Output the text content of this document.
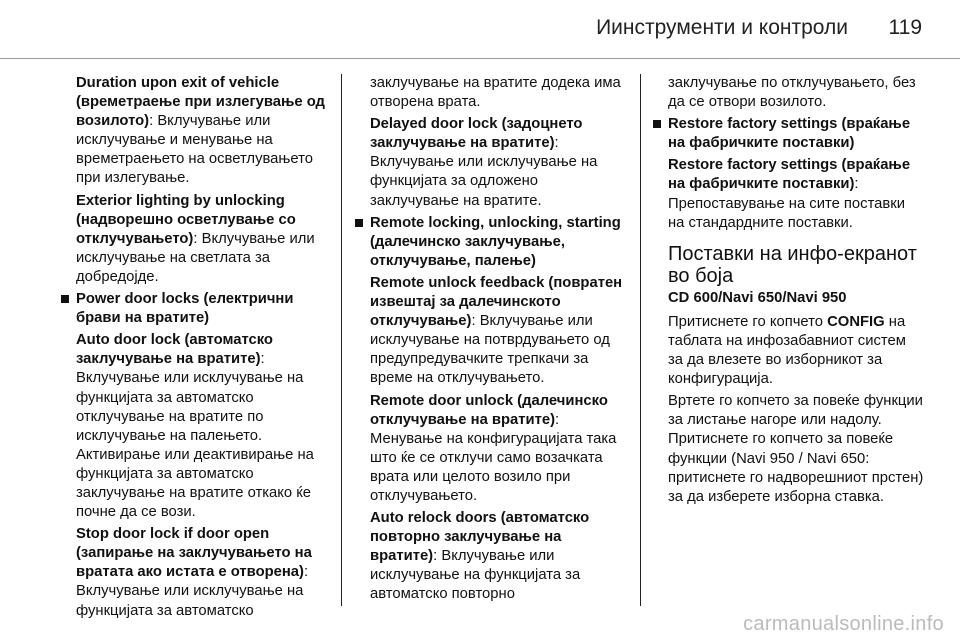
Иинструменти и контроли 119

Duration upon exit of vehicle (времетраење при излегување од возилото): Вклучување или исклучување и менување на времетраењето на осветлувањето при излегување.

Exterior lighting by unlocking (надворешно осветлување со отклучувањето): Вклучување или исклучување на светлата за добредојде.

Power door locks (електрични брави на вратите)

Auto door lock (автоматско заклучување на вратите): Вклучување или исклучување на функцијата за автоматско отклучување на вратите по исклучување на палењето. Активирање или деактивирање на функцијата за автоматско заклучување на вратите откако ќе почне да се вози.

Stop door lock if door open (запирање на заклучувањето на вратата ако истата е отворена): Вклучување или исклучување на функцијата за автоматско

заклучување на вратите додека има отворена врата.

Delayed door lock (задоцнето заклучување на вратите): Вклучување или исклучување на функцијата за одложено заклучување на вратите.

Remote locking, unlocking, starting (далечинско заклучување, отклучување, палење)

Remote unlock feedback (повратен извештај за далечинското отклучување): Вклучување или исклучување на потврдувањето од предупредувачките трепкачи за време на отклучувањето.

Remote door unlock (далечинско отклучување на вратите): Менување на конфигурацијата така што ќе се отклучи само возачката врата или целото возило при отклучувањето.

Auto relock doors (автоматско повторно заклучување на вратите): Вклучување или исклучување на функцијата за автоматско повторно

заклучување по отклучувањето, без да се отвори возилото.

Restore factory settings (враќање на фабричките поставки)

Restore factory settings (враќање на фабричките поставки): Препоставување на сите поставки на стандардните поставки.

Поставки на инфо-екранот во боја
CD 600/Navi 650/Navi 950

Притиснете го копчето CONFIG на таблата на инфозабавниот систем за да влезете во изборникот за конфигурација.

Вртете го копчето за повеќе функции за листање нагоре или надолу. Притиснете го копчето за повеќе функции (Navi 950 / Navi 650: притиснете го надворешниот прстен) за да изберете изборна ставка.

carmanualsonline.info
